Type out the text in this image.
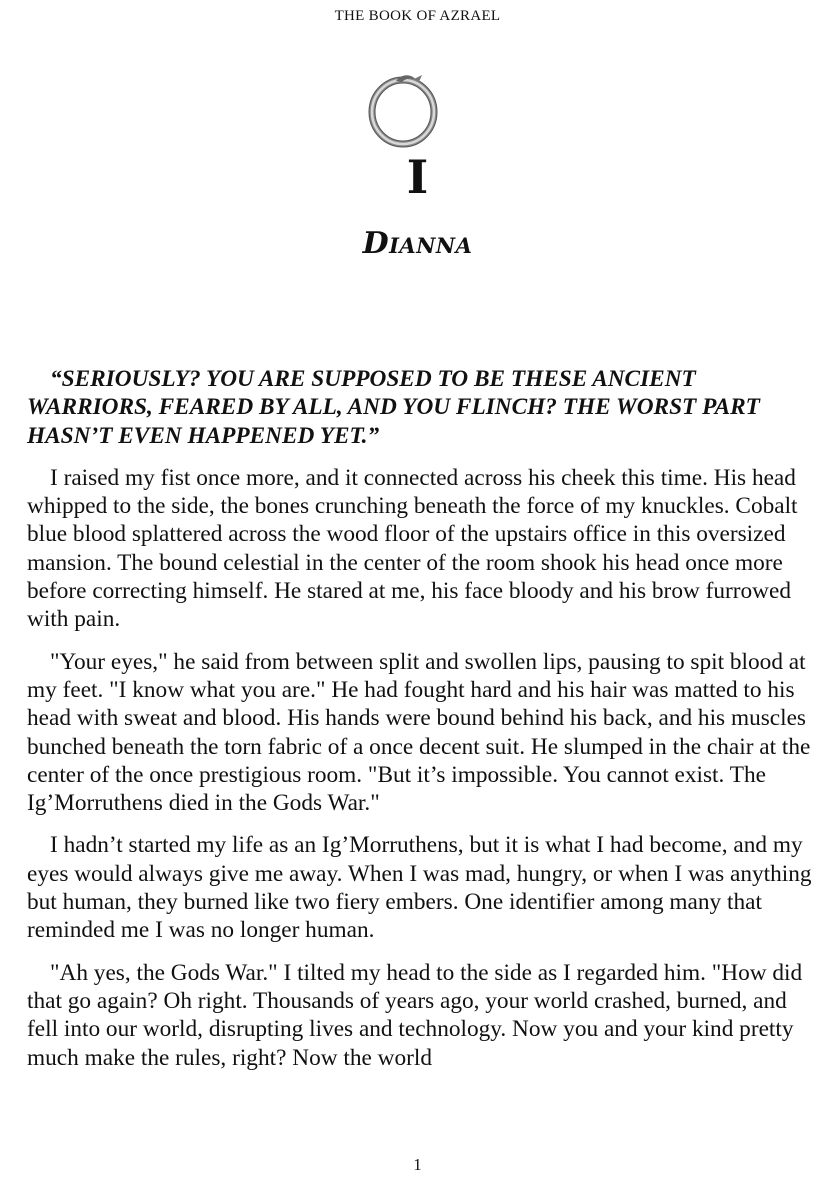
THE BOOK OF AZRAEL
I
DIANNA

“SERIOUSLY? YOU ARE SUPPOSED TO BE THESE ANCIENT WARRIORS, FEARED BY ALL, AND YOU FLINCH? THE WORST PART HASN’T EVEN HAPPENED YET.”

I raised my fist once more, and it connected across his cheek this time. His head whipped to the side, the bones crunching beneath the force of my knuckles. Cobalt blue blood splattered across the wood floor of the upstairs office in this oversized mansion. The bound celestial in the center of the room shook his head once more before correcting himself. He stared at me, his face bloody and his brow furrowed with pain.

"Your eyes," he said from between split and swollen lips, pausing to spit blood at my feet. "I know what you are." He had fought hard and his hair was matted to his head with sweat and blood. His hands were bound behind his back, and his muscles bunched beneath the torn fabric of a once decent suit. He slumped in the chair at the center of the once prestigious room. "But it’s impossible. You cannot exist. The Ig’Morruthens died in the Gods War."

I hadn’t started my life as an Ig’Morruthens, but it is what I had become, and my eyes would always give me away. When I was mad, hungry, or when I was anything but human, they burned like two fiery embers. One identifier among many that reminded me I was no longer human.

"Ah yes, the Gods War." I tilted my head to the side as I regarded him. "How did that go again? Oh right. Thousands of years ago, your world crashed, burned, and fell into our world, disrupting lives and technology. Now you and your kind pretty much make the rules, right? Now the world

1
